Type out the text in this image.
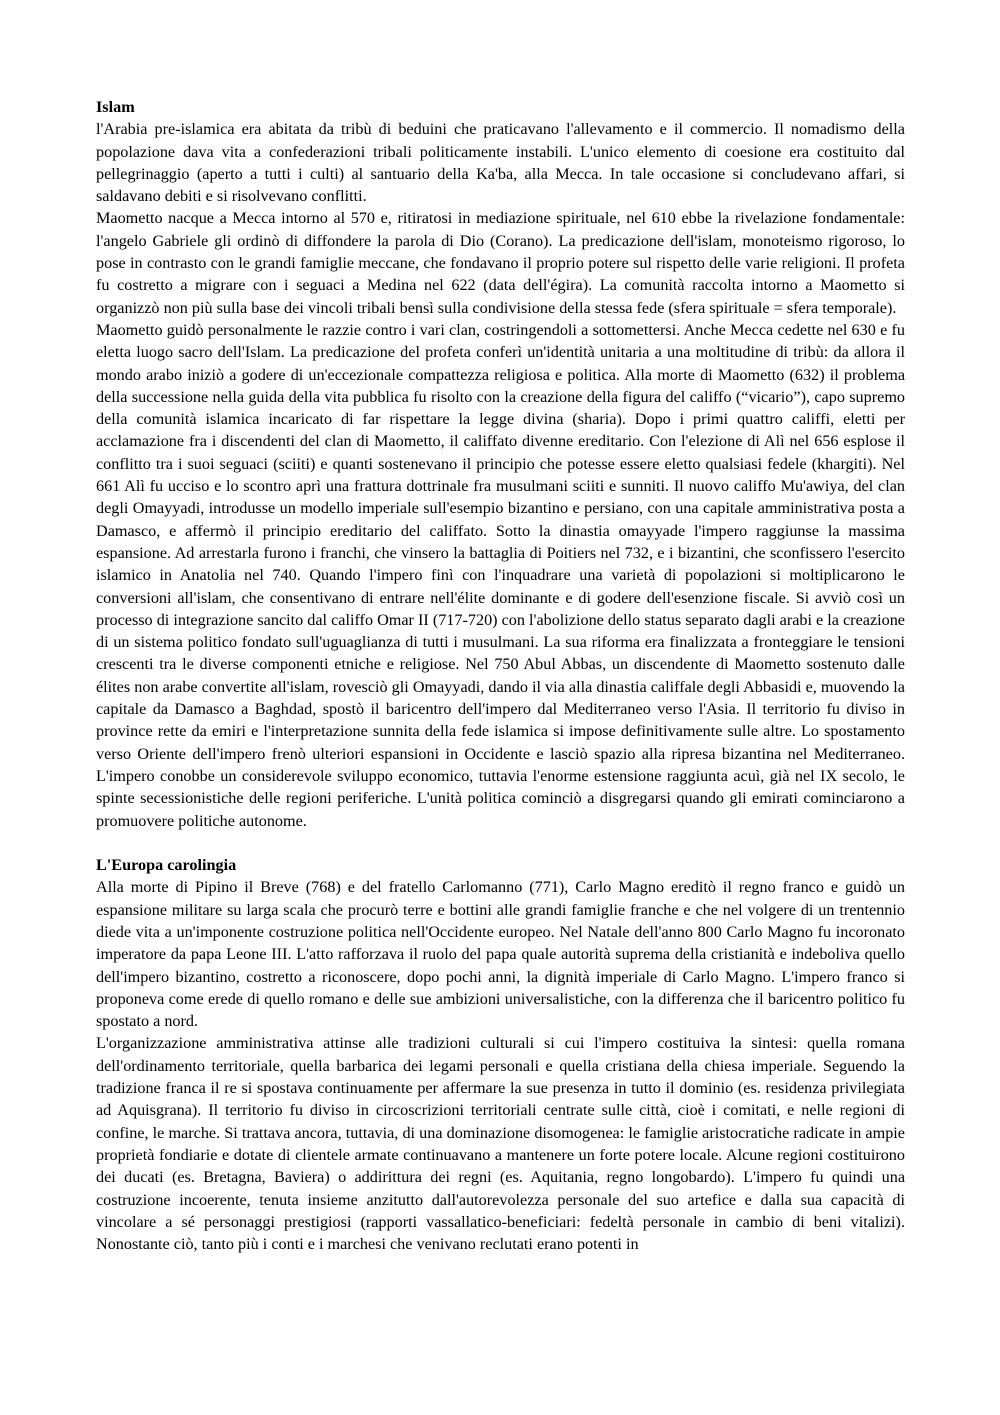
Islam

l'Arabia pre-islamica era abitata da tribù di beduini che praticavano l'allevamento e il commercio. Il nomadismo della popolazione dava vita a confederazioni tribali politicamente instabili. L'unico elemento di coesione era costituito dal pellegrinaggio (aperto a tutti i culti) al santuario della Ka'ba, alla Mecca. In tale occasione si concludevano affari, si saldavano debiti e si risolvevano conflitti.

Maometto nacque a Mecca intorno al 570 e, ritiratosi in mediazione spirituale, nel 610 ebbe la rivelazione fondamentale: l'angelo Gabriele gli ordinò di diffondere la parola di Dio (Corano). La predicazione dell'islam, monoteismo rigoroso, lo pose in contrasto con le grandi famiglie meccane, che fondavano il proprio potere sul rispetto delle varie religioni. Il profeta fu costretto a migrare con i seguaci a Medina nel 622 (data dell'égira). La comunità raccolta intorno a Maometto si organizzò non più sulla base dei vincoli tribali bensì sulla condivisione della stessa fede (sfera spirituale = sfera temporale).

Maometto guidò personalmente le razzie contro i vari clan, costringendoli a sottomettersi. Anche Mecca cedette nel 630 e fu eletta luogo sacro dell'Islam. La predicazione del profeta conferì un'identità unitaria a una moltitudine di tribù: da allora il mondo arabo iniziò a godere di un'eccezionale compattezza religiosa e politica. Alla morte di Maometto (632) il problema della successione nella guida della vita pubblica fu risolto con la creazione della figura del califfo (“vicario”), capo supremo della comunità islamica incaricato di far rispettare la legge divina (sharia). Dopo i primi quattro califfi, eletti per acclamazione fra i discendenti del clan di Maometto, il califfato divenne ereditario. Con l'elezione di Alì nel 656 esplose il conflitto tra i suoi seguaci (sciiti) e quanti sostenevano il principio che potesse essere eletto qualsiasi fedele (khargiti). Nel 661 Alì fu ucciso e lo scontro aprì una frattura dottrinale fra musulmani sciiti e sunniti. Il nuovo califfo Mu'awiya, del clan degli Omayyadi, introdusse un modello imperiale sull'esempio bizantino e persiano, con una capitale amministrativa posta a Damasco, e affermò il principio ereditario del califfato. Sotto la dinastia omayyade l'impero raggiunse la massima espansione. Ad arrestarla furono i franchi, che vinsero la battaglia di Poitiers nel 732, e i bizantini, che sconfissero l'esercito islamico in Anatolia nel 740. Quando l'impero finì con l'inquadrare una varietà di popolazioni si moltiplicarono le conversioni all'islam, che consentivano di entrare nell'élite dominante e di godere dell'esenzione fiscale. Si avviò così un processo di integrazione sancito dal califfo Omar II (717-720) con l'abolizione dello status separato dagli arabi e la creazione di un sistema politico fondato sull'uguaglianza di tutti i musulmani. La sua riforma era finalizzata a fronteggiare le tensioni crescenti tra le diverse componenti etniche e religiose. Nel 750 Abul Abbas, un discendente di Maometto sostenuto dalle élites non arabe convertite all'islam, rovesciò gli Omayyadi, dando il via alla dinastia califfale degli Abbasidi e, muovendo la capitale da Damasco a Baghdad, spostò il baricentro dell'impero dal Mediterraneo verso l'Asia. Il territorio fu diviso in province rette da emiri e l'interpretazione sunnita della fede islamica si impose definitivamente sulle altre. Lo spostamento verso Oriente dell'impero frenò ulteriori espansioni in Occidente e lasciò spazio alla ripresa bizantina nel Mediterraneo. L'impero conobbe un considerevole sviluppo economico, tuttavia l'enorme estensione raggiunta acuì, già nel IX secolo, le spinte secessionistiche delle regioni periferiche. L'unità politica cominciò a disgregarsi quando gli emirati cominciarono a promuovere politiche autonome.

L'Europa carolingia

Alla morte di Pipino il Breve (768) e del fratello Carlomanno (771), Carlo Magno ereditò il regno franco e guidò un espansione militare su larga scala che procurò terre e bottini alle grandi famiglie franche e che nel volgere di un trentennio diede vita a un'imponente costruzione politica nell'Occidente europeo. Nel Natale dell'anno 800 Carlo Magno fu incoronato imperatore da papa Leone III. L'atto rafforzava il ruolo del papa quale autorità suprema della cristianità e indeboliva quello dell'impero bizantino, costretto a riconoscere, dopo pochi anni, la dignità imperiale di Carlo Magno. L'impero franco si proponeva come erede di quello romano e delle sue ambizioni universalistiche, con la differenza che il baricentro politico fu spostato a nord.

L'organizzazione amministrativa attinse alle tradizioni culturali si cui l'impero costituiva la sintesi: quella romana dell'ordinamento territoriale, quella barbarica dei legami personali e quella cristiana della chiesa imperiale. Seguendo la tradizione franca il re si spostava continuamente per affermare la sue presenza in tutto il dominio (es. residenza privilegiata ad Aquisgrana). Il territorio fu diviso in circoscrizioni territoriali centrate sulle città, cioè i comitati, e nelle regioni di confine, le marche. Si trattava ancora, tuttavia, di una dominazione disomogenea: le famiglie aristocratiche radicate in ampie proprietà fondiarie e dotate di clientele armate continuavano a mantenere un forte potere locale. Alcune regioni costituirono dei ducati (es. Bretagna, Baviera) o addirittura dei regni (es. Aquitania, regno longobardo). L'impero fu quindi una costruzione incoerente, tenuta insieme anzitutto dall'autorevolezza personale del suo artefice e dalla sua capacità di vincolare a sé personaggi prestigiosi (rapporti vassallatico-beneficiari: fedeltà personale in cambio di beni vitalizi). Nonostante ciò, tanto più i conti e i marchesi che venivano reclutati erano potenti in
